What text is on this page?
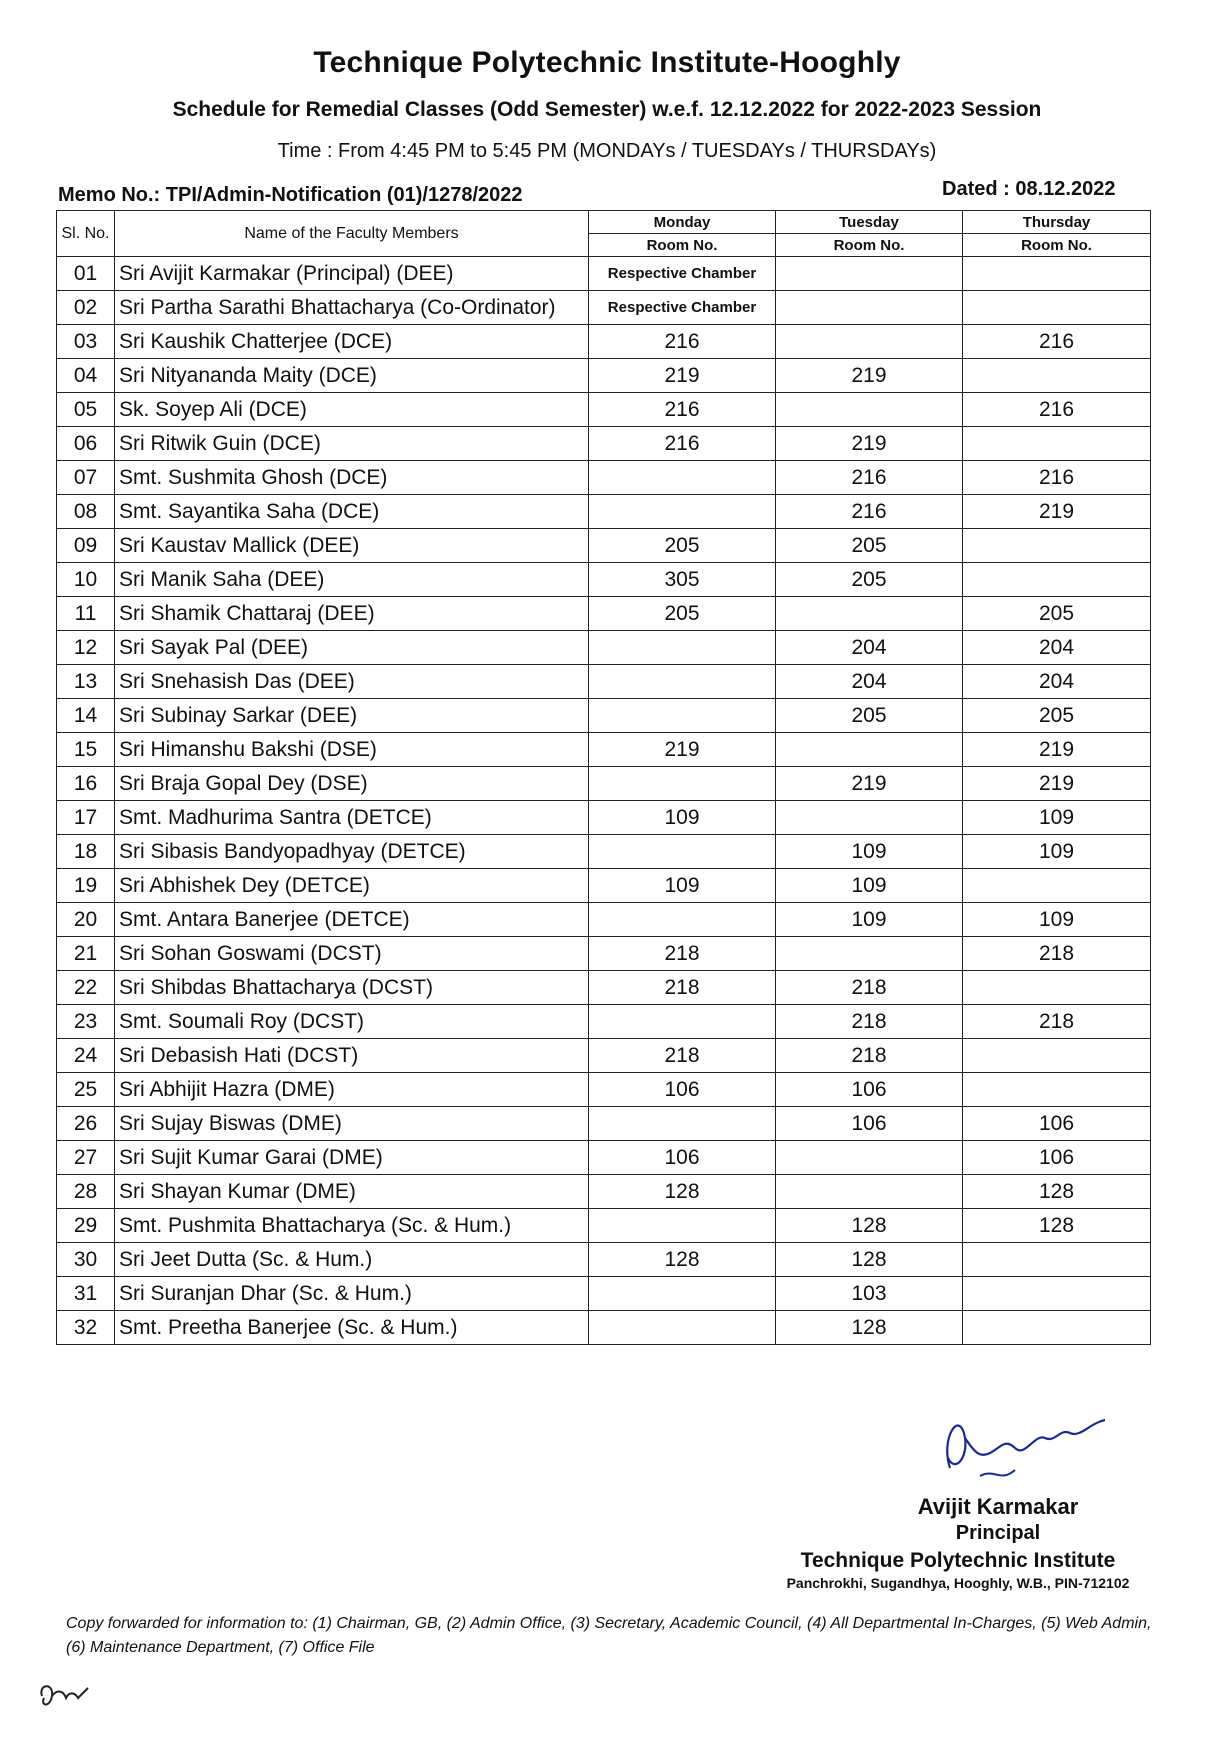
Technique Polytechnic Institute-Hooghly
Schedule for Remedial Classes (Odd Semester) w.e.f. 12.12.2022 for 2022-2023 Session
Time : From 4:45 PM to 5:45 PM (MONDAYs / TUESDAYs / THURSDAYs)
Memo No.: TPI/Admin-Notification (01)/1278/2022	Dated : 08.12.2022
Sl. No.	Name of the Faculty Members	Monday	Tuesday	Thursday
		Room No.	Room No.	Room No.
01	Sri Avijit Karmakar (Principal) (DEE)	Respective Chamber		
02	Sri Partha Sarathi Bhattacharya (Co-Ordinator)	Respective Chamber		
03	Sri Kaushik Chatterjee (DCE)	216		216
04	Sri Nityananda Maity (DCE)	219	219	
05	Sk. Soyep Ali (DCE)	216		216
06	Sri Ritwik Guin (DCE)	216	219	
07	Smt. Sushmita Ghosh (DCE)		216	216
08	Smt. Sayantika Saha (DCE)		216	219
09	Sri Kaustav Mallick (DEE)	205	205	
10	Sri Manik Saha (DEE)	305	205	
11	Sri Shamik Chattaraj (DEE)	205		205
12	Sri Sayak Pal (DEE)		204	204
13	Sri Snehasish Das (DEE)		204	204
14	Sri Subinay Sarkar (DEE)		205	205
15	Sri Himanshu Bakshi (DSE)	219		219
16	Sri Braja Gopal Dey (DSE)		219	219
17	Smt. Madhurima Santra (DETCE)	109		109
18	Sri Sibasis Bandyopadhyay (DETCE)		109	109
19	Sri Abhishek Dey (DETCE)	109	109	
20	Smt. Antara Banerjee (DETCE)		109	109
21	Sri Sohan Goswami (DCST)	218		218
22	Sri Shibdas Bhattacharya (DCST)	218	218	
23	Smt. Soumali Roy (DCST)		218	218
24	Sri Debasish Hati (DCST)	218	218	
25	Sri Abhijit Hazra (DME)	106	106	
26	Sri Sujay Biswas (DME)		106	106
27	Sri Sujit Kumar Garai (DME)	106		106
28	Sri Shayan Kumar (DME)	128		128
29	Smt. Pushmita Bhattacharya (Sc. & Hum.)		128	128
30	Sri Jeet Dutta (Sc. & Hum.)	128	128	
31	Sri Suranjan Dhar (Sc. & Hum.)		103	
32	Smt. Preetha Banerjee (Sc. & Hum.)		128	
Avijit Karmakar
Principal
Technique Polytechnic Institute
Panchrokhi, Sugandhya, Hooghly, W.B., PIN-712102
Copy forwarded for information to: (1) Chairman, GB, (2) Admin Office, (3) Secretary, Academic Council, (4) All Departmental In-Charges, (5) Web Admin, (6) Maintenance Department, (7) Office File
